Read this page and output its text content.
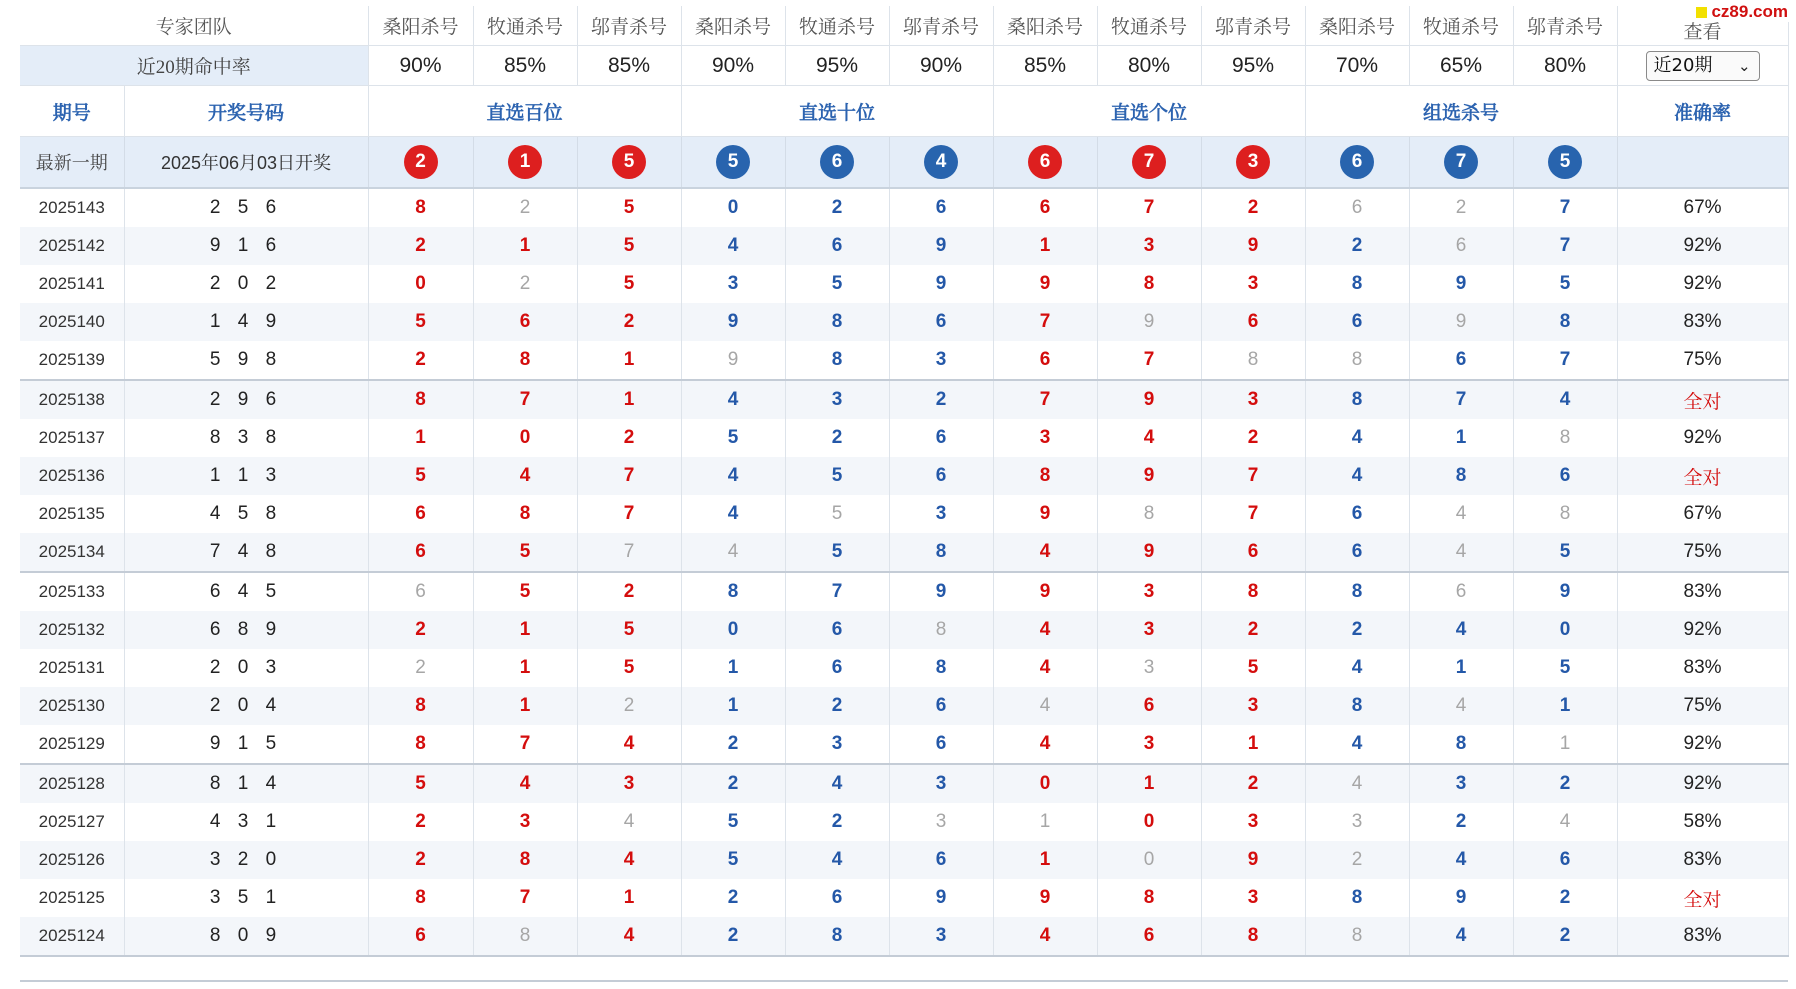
专家团队		桑阳杀号	牧通杀号	邬青杀号	桑阳杀号	牧通杀号	邬青杀号	桑阳杀号	牧通杀号	邬青杀号	桑阳杀号	牧通杀号	邬青杀号	查看
近20期命中率		90%	85%	85%	90%	95%	90%	85%	80%	95%	70%	65%	80%	近20期 ⌄

期号	开奖号码	直选百位			直选十位			直选个位			组选杀号			准确率
最新一期	2025年06月03日开奖	2	1	5	5	6	4	6	7	3	6	7	5	
2025143	2 5 6	8	2	5	0	2	6	6	7	2	6	2	7	67%
2025142	9 1 6	2	1	5	4	6	9	1	3	9	2	6	7	92%
2025141	2 0 2	0	2	5	3	5	9	9	8	3	8	9	5	92%
2025140	1 4 9	5	6	2	9	8	6	7	9	6	6	9	8	83%
2025139	5 9 8	2	8	1	9	8	3	6	7	8	8	6	7	75%
2025138	2 9 6	8	7	1	4	3	2	7	9	3	8	7	4	全对
2025137	8 3 8	1	0	2	5	2	6	3	4	2	4	1	8	92%
2025136	1 1 3	5	4	7	4	5	6	8	9	7	4	8	6	全对
2025135	4 5 8	6	8	7	4	5	3	9	8	7	6	4	8	67%
2025134	7 4 8	6	5	7	4	5	8	4	9	6	6	4	5	75%
2025133	6 4 5	6	5	2	8	7	9	9	3	8	8	6	9	83%
2025132	6 8 9	2	1	5	0	6	8	4	3	2	2	4	0	92%
2025131	2 0 3	2	1	5	1	6	8	4	3	5	4	1	5	83%
2025130	2 0 4	8	1	2	1	2	6	4	6	3	8	4	1	75%
2025129	9 1 5	8	7	4	2	3	6	4	3	1	4	8	1	92%
2025128	8 1 4	5	4	3	2	4	3	0	1	2	4	3	2	92%
2025127	4 3 1	2	3	4	5	2	3	1	0	3	3	2	4	58%
2025126	3 2 0	2	8	4	5	4	6	1	0	9	2	4	6	83%
2025125	3 5 1	8	7	1	2	6	9	9	8	3	8	9	2	全对
2025124	8 0 9	6	8	4	2	8	3	4	6	8	8	4	2	83%
cz89.com
